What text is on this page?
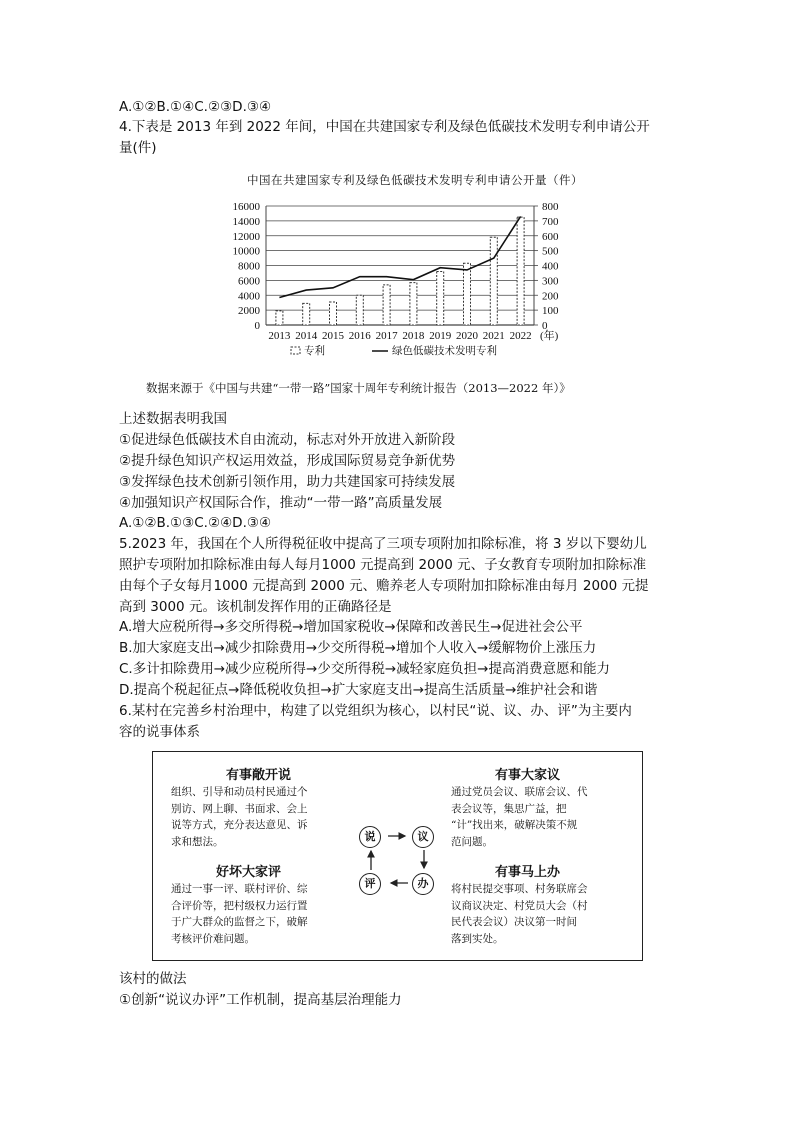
A.①②B.①④C.②③D.③④
4.下表是 2013 年到 2022 年间，中国在共建国家专利及绿色低碳技术发明专利申请公开
量(件)
中国在共建国家专利及绿色低碳技术发明专利申请公开量（件）
0
2000
4000
6000
8000
10000
12000
14000
16000
0
100
200
300
400
500
600
700
800
2013 2014 2015 2016 2017 2018 2019 2020 2021 2022 (年)
专利	绿色低碳技术发明专利
数据来源于《中国与共建“一带一路”国家十周年专利统计报告（2013—2022 年）》
上述数据表明我国
①促进绿色低碳技术自由流动，标志对外开放进入新阶段
②提升绿色知识产权运用效益，形成国际贸易竞争新优势
③发挥绿色技术创新引领作用，助力共建国家可持续发展
④加强知识产权国际合作，推动“一带一路”高质量发展
A.①②B.①③C.②④D.③④
5.2023 年，我国在个人所得税征收中提高了三项专项附加扣除标准，将 3 岁以下婴幼儿
照护专项附加扣除标准由每人每月1000 元提高到 2000 元、子女教育专项附加扣除标准
由每个子女每月1000 元提高到 2000 元、赡养老人专项附加扣除标准由每月 2000 元提
高到 3000 元。该机制发挥作用的正确路径是
A.增大应税所得→多交所得税→增加国家税收→保障和改善民生→促进社会公平
B.加大家庭支出→减少扣除费用→少交所得税→增加个人收入→缓解物价上涨压力
C.多计扣除费用→减少应税所得→少交所得税→减轻家庭负担→提高消费意愿和能力
D.提高个税起征点→降低税收负担→扩大家庭支出→提高生活质量→维护社会和谐
6.某村在完善乡村治理中，构建了以党组织为核心，以村民“说、议、办、评”为主要内
容的说事体系
有事敞开说
组织、引导和动员村民通过个
别访、网上聊、书面求、会上
说等方式，充分表达意见、诉
求和想法。
有事大家议
通过党员会议、联席会议、代
表会议等，集思广益，把
“计”找出来，破解决策不规
范问题。
好坏大家评
通过一事一评、联村评价、综
合评价等，把村级权力运行置
于广大群众的监督之下，破解
考核评价难问题。
有事马上办
将村民提交事项、村务联席会
议商议决定、村党员大会（村
民代表会议）决议第一时间
落到实处。
说	议
办
评
该村的做法
①创新“说议办评”工作机制，提高基层治理能力
